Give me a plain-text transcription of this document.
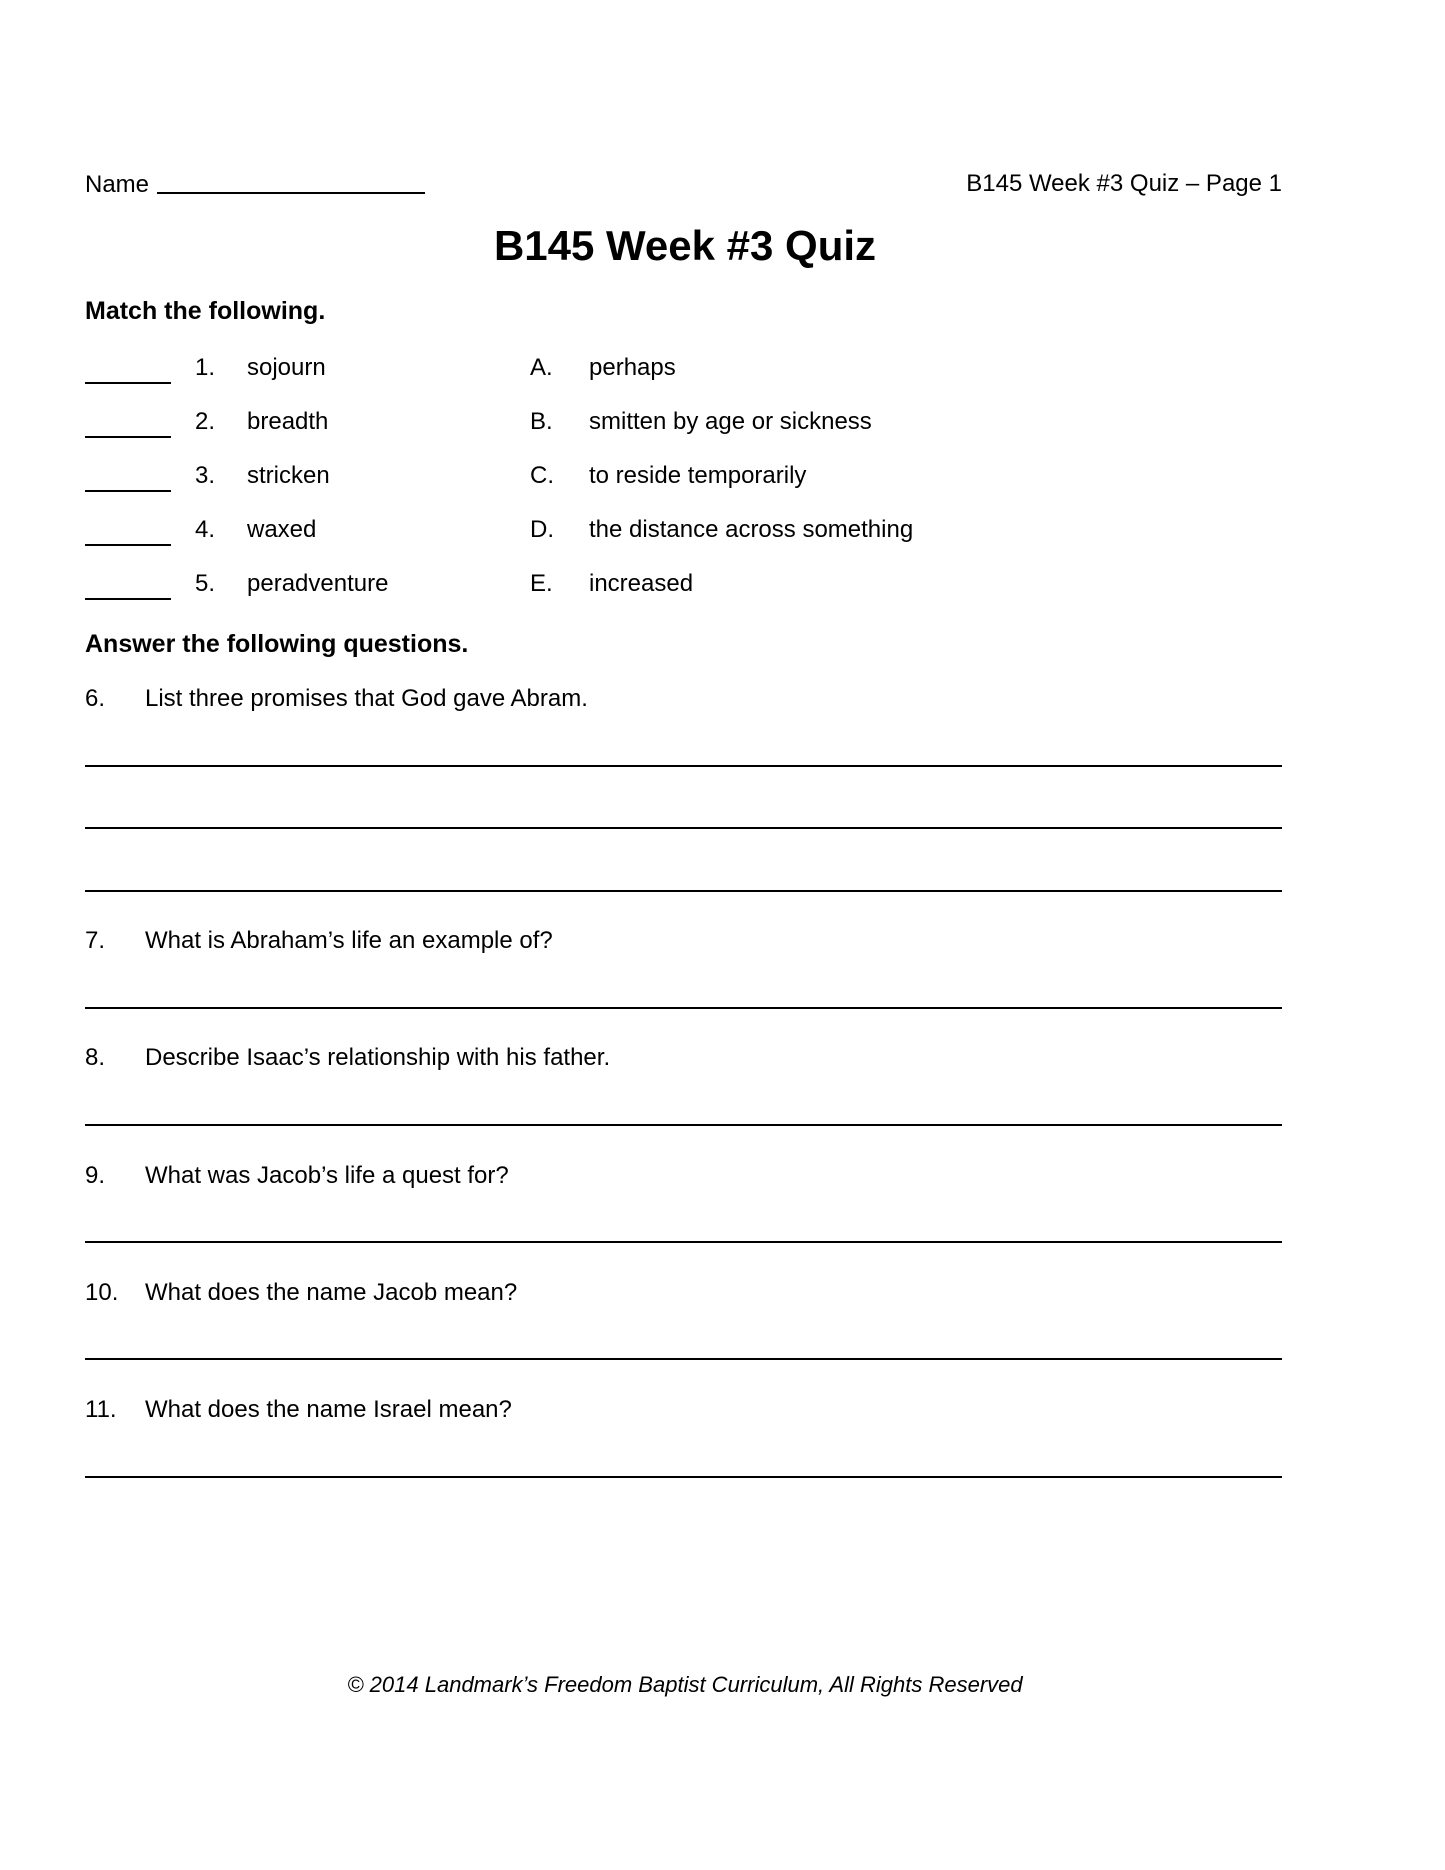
Name	B145 Week #3 Quiz – Page 1
B145 Week #3 Quiz
Match the following.
1. sojourn	A. perhaps
2. breadth	B. smitten by age or sickness
3. stricken	C. to reside temporarily
4. waxed	D. the distance across something
5. peradventure	E. increased
Answer the following questions.
6. List three promises that God gave Abram.
7. What is Abraham’s life an example of?
8. Describe Isaac’s relationship with his father.
9. What was Jacob’s life a quest for?
10. What does the name Jacob mean?
11. What does the name Israel mean?
© 2014 Landmark’s Freedom Baptist Curriculum, All Rights Reserved
